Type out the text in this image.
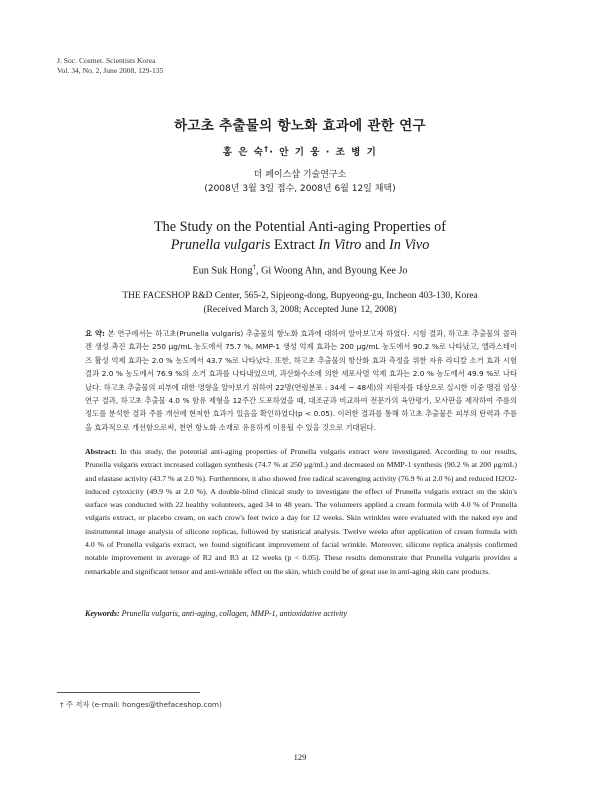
J. Soc. Cosmet. Scientists Korea
Vol. 34, No. 2, June 2008, 129-135
하고초 추출물의 항노화 효과에 관한 연구
홍 은 숙†· 안 기 웅 · 조 병 기
더 페이스샵 기술연구소
(2008년 3월 3일 접수, 2008년 6월 12일 채택)
The Study on the Potential Anti-aging Properties of
Prunella vulgaris Extract In Vitro and In Vivo
Eun Suk Hong†, Gi Woong Ahn, and Byoung Kee Jo
THE FACESHOP R&D Center, 565-2, Sipjeong-dong, Bupyeong-gu, Incheon 403-130, Korea
(Received March 3, 2008; Accepted June 12, 2008)
요 약: 본 연구에서는 하고초(Prunella vulgaris) 추출물의 항노화 효과에 대하여 알아보고자 하였다. 시험 결과, 하고초 추출물의 콜라겐 생성 촉진 효과는 250 μg/mL 농도에서 75.7 %, MMP-1 생성 억제 효과는 200 μg/mL 농도에서 90.2 %로 나타났고, 엘라스테이즈 활성 억제 효과는 2.0 % 농도에서 43.7 %로 나타났다. 또한, 하고초 추출물의 항산화 효과 측정을 위한 자유 라디칼 소거 효과 시험 결과 2.0 % 농도에서 76.9 %의 소거 효과를 나타내었으며, 과산화수소에 의한 세포사멸 억제 효과는 2.0 % 농도에서 49.9 %로 나타났다. 하고초 추출물의 피부에 대한 영향을 알아보기 위하여 22명(연령분포 : 34세 ~ 48세)의 지원자를 대상으로 실시한 이중 맹검 임상 연구 결과, 하고초 추출물 4.0 % 함유 제형을 12주간 도포하였을 때, 대조군과 비교하여 전문가의 육안평가, 모사판을 제작하여 주름의 정도를 분석한 결과 주름 개선에 현저한 효과가 있음을 확인하였다(p < 0.05). 이러한 결과를 통해 하고초 추출물은 피부의 탄력과 주름을 효과적으로 개선함으로써, 천연 항노화 소재로 유용하게 이용될 수 있을 것으로 기대된다.
Abstract: In this study, the potential anti-aging properties of Prunella vulgaris extract were investigated. According to our results, Prunella vulgaris extract increased collagen synthesis (74.7 % at 250 μg/mL) and decreased on MMP-1 synthesis (90.2 % at 200 μg/mL) and elastase activity (43.7 % at 2.0 %). Furthermore, it also showed free radical scavenging activity (76.9 % at 2.0 %) and reduced H2O2-induced cytoxicity (49.9 % at 2.0 %). A double-blind clinical study to investigate the effect of Prunella vulgaris extract on the skin's surface was conducted with 22 healthy volunteers, aged 34 to 48 years. The volunteers applied a cream formula with 4.0 % of Prunella vulgaris extract, or placebo cream, on each crow's feet twice a day for 12 weeks. Skin wrinkles were evaluated with the naked eye and instrumental image analysis of silicone replicas, followed by statistical analysis. Twelve weeks after application of cream formula with 4.0 % of Prunella vulgaris extract, we found significant improvement of facial wrinkle. Moreover, silicone replica analysis confirmed notable improvement in average of R2 and R3 at 12 weeks (p < 0.05). These results demonstrate that Prunella vulgaris provides a remarkable and significant tensor and anti-wrinkle effect on the skin, which could be of great use in anti-aging skin care products.
Keywords: Prunella vulgaris, anti-aging, collagen, MMP-1, antioxidative activity
† 주 저자 (e-mail: honges@thefaceshop.com)
129
